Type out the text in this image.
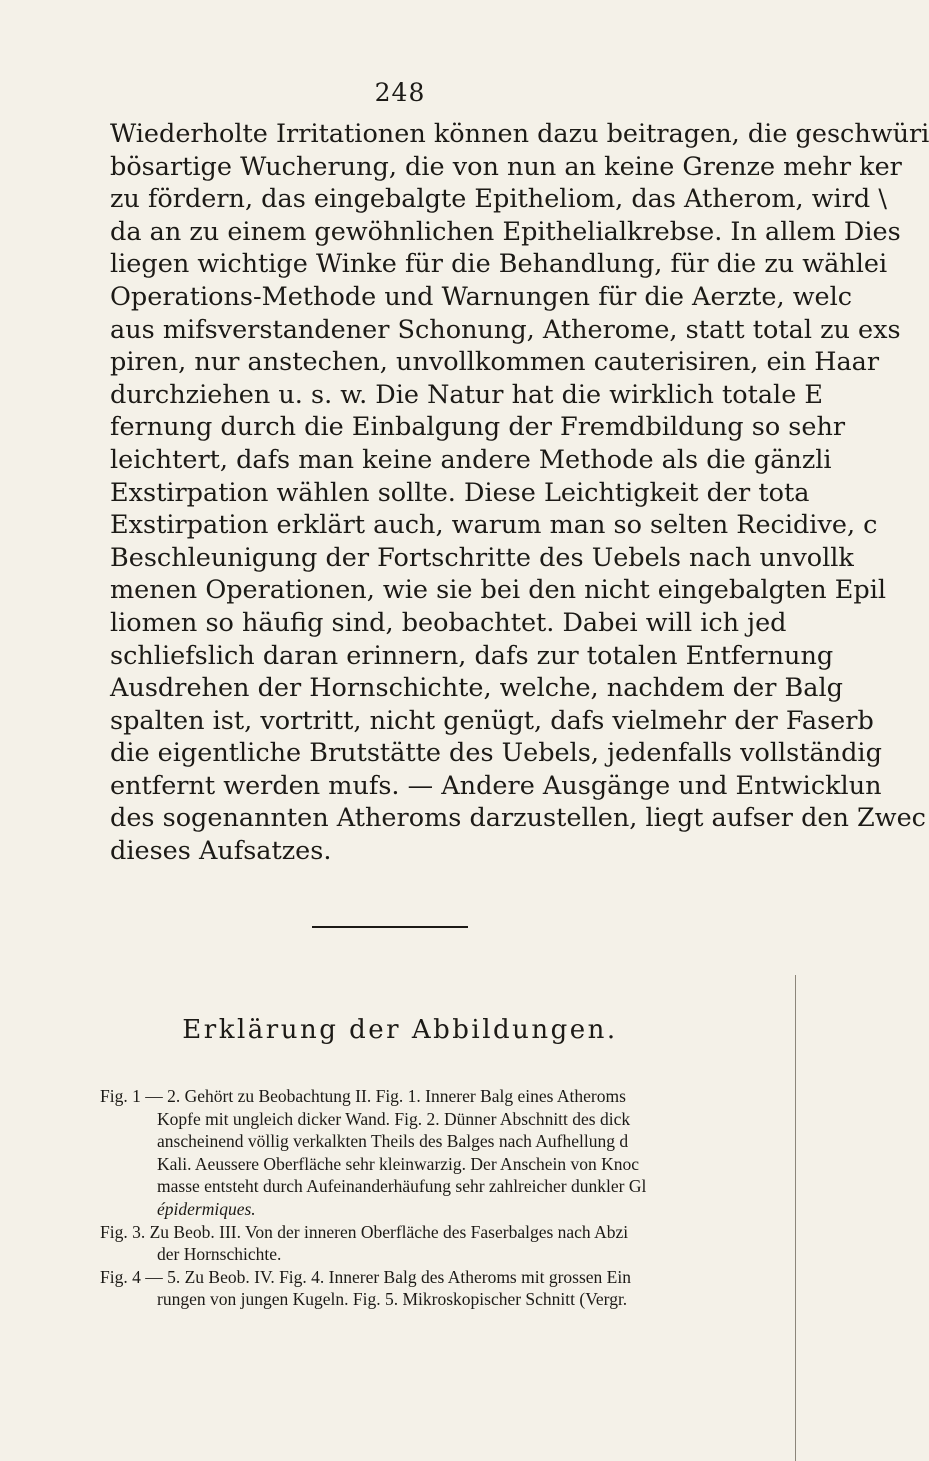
248
Wiederholte Irritationen können dazu beitragen, die geschwüri
bösartige Wucherung, die von nun an keine Grenze mehr ker
zu fördern, das eingebalgte Epitheliom, das Atherom, wird \
da an zu einem gewöhnlichen Epithelialkrebse. In allem Dies
liegen wichtige Winke für die Behandlung, für die zu wählei
Operations-Methode und Warnungen für die Aerzte, welc
aus mifsverstandener Schonung, Atherome, statt total zu exs
piren, nur anstechen, unvollkommen cauterisiren, ein Haar
durchziehen u. s. w. Die Natur hat die wirklich totale E
fernung durch die Einbalgung der Fremdbildung so sehr
leichtert, dafs man keine andere Methode als die gänzli
Exstirpation wählen sollte. Diese Leichtigkeit der tota
Exstirpation erklärt auch, warum man so selten Recidive, c
Beschleunigung der Fortschritte des Uebels nach unvollk
menen Operationen, wie sie bei den nicht eingebalgten Epil
liomen so häufig sind, beobachtet. Dabei will ich jed
schliefslich daran erinnern, dafs zur totalen Entfernung
Ausdrehen der Hornschichte, welche, nachdem der Balg
spalten ist, vortritt, nicht genügt, dafs vielmehr der Faserb
die eigentliche Brutstätte des Uebels, jedenfalls vollständig
entfernt werden mufs. — Andere Ausgänge und Entwicklun
des sogenannten Atheroms darzustellen, liegt aufser den Zwec
dieses Aufsatzes.
Erklärung der Abbildungen.
Fig. 1 — 2. Gehört zu Beobachtung II. Fig. 1. Innerer Balg eines Atheroms
Kopfe mit ungleich dicker Wand. Fig. 2. Dünner Abschnitt des dick
anscheinend völlig verkalkten Theils des Balges nach Aufhellung d
Kali. Aeussere Oberfläche sehr kleinwarzig. Der Anschein von Knoc
masse entsteht durch Aufeinanderhäufung sehr zahlreicher dunkler Gl
épidermiques.
Fig. 3. Zu Beob. III. Von der inneren Oberfläche des Faserbalges nach Abzi
der Hornschichte.
Fig. 4 — 5. Zu Beob. IV. Fig. 4. Innerer Balg des Atheroms mit grossen Ein
rungen von jungen Kugeln. Fig. 5. Mikroskopischer Schnitt (Vergr.
